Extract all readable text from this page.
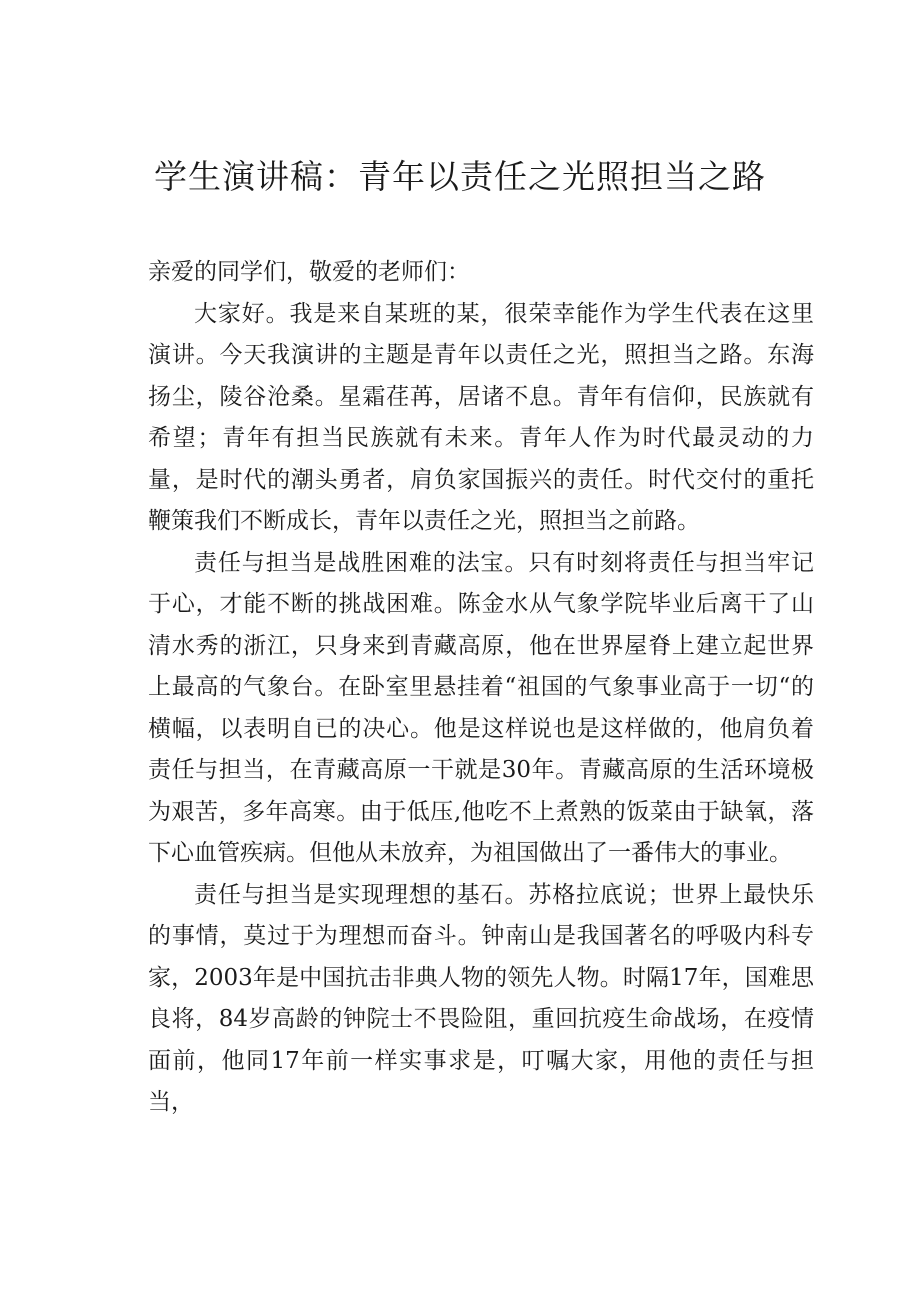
学生演讲稿：青年以责任之光照担当之路

亲爱的同学们，敬爱的老师们：

大家好。我是来自某班的某，很荣幸能作为学生代表在这里演讲。今天我演讲的主题是青年以责任之光，照担当之路。东海扬尘，陵谷沧桑。星霜荏苒，居诸不息。青年有信仰，民族就有希望；青年有担当民族就有未来。青年人作为时代最灵动的力量，是时代的潮头勇者，肩负家国振兴的责任。时代交付的重托鞭策我们不断成长，青年以责任之光，照担当之前路。

责任与担当是战胜困难的法宝。只有时刻将责任与担当牢记于心，才能不断的挑战困难。陈金水从气象学院毕业后离干了山清水秀的浙江，只身来到青藏高原，他在世界屋脊上建立起世界上最高的气象台。在卧室里悬挂着“祖国的气象事业高于一切“的横幅，以表明自已的决心。他是这样说也是这样做的，他肩负着责任与担当，在青藏高原一干就是30年。青藏高原的生活环境极为艰苦，多年高寒。由于低压,他吃不上煮熟的饭菜由于缺氧，落下心血管疾病。但他从未放弃，为祖国做出了一番伟大的事业。

责任与担当是实现理想的基石。苏格拉底说；世界上最快乐的事情，莫过于为理想而奋斗。钟南山是我国著名的呼吸内科专家，2003年是中国抗击非典人物的领先人物。时隔17年，国难思良将，84岁高龄的钟院士不畏险阻，重回抗疫生命战场，在疫情面前，他同17年前一样实事求是，叮嘱大家，用他的责任与担当，
